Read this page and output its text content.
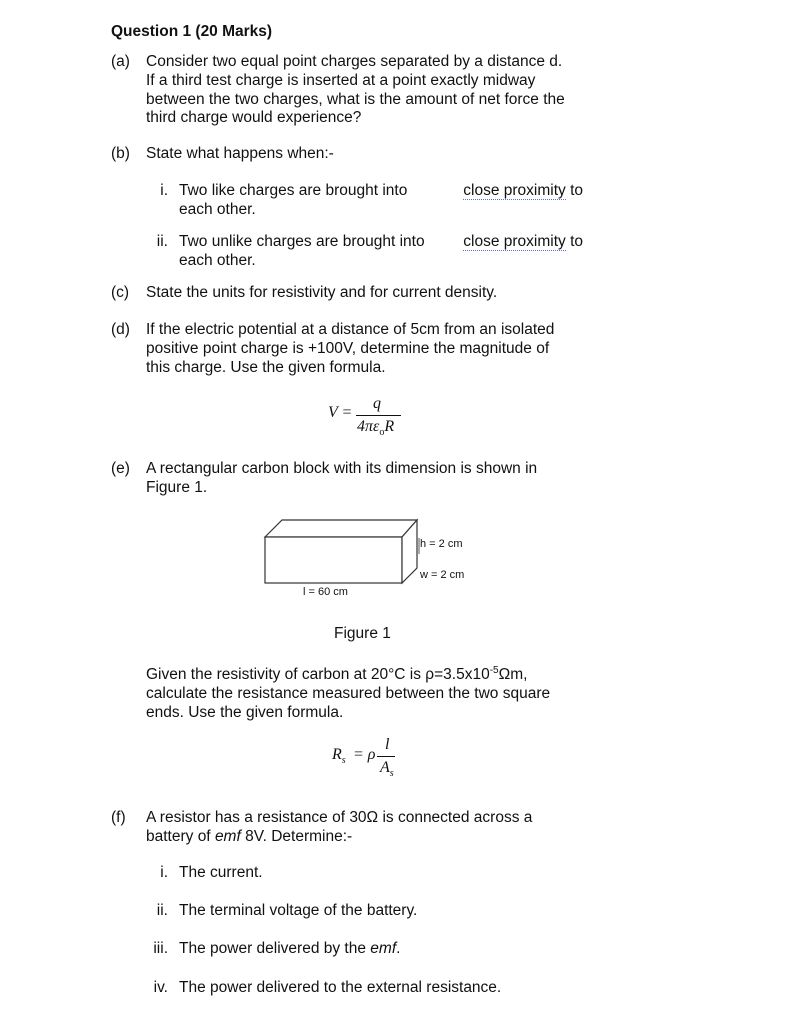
Question 1 (20 Marks)
(a) Consider two equal point charges separated by a distance d.
If a third test charge is inserted at a point exactly midway
between the two charges, what is the amount of net force the
third charge would experience?
(b) State what happens when:-
i. Two like charges are brought into	close proximity to
each other.
ii. Two unlike charges are brought into close proximity to
each other.
(c) State the units for resistivity and for current density.
(d) If the electric potential at a distance of 5cm from an isolated
positive point charge is +100V, determine the magnitude of
this charge. Use the given formula.
V =
q
$4\pi\varepsilon_oR$
(e) A rectangular carbon block with its dimension is shown in
Figure 1.
h = 2 cm
w = 2 cm
l = 60 cm
Figure 1
Given the resistivity of carbon at 20°C is $\rho=3.5x10^{-5}\Omega m$,
calculate the resistance measured between the two square
ends. Use the given formula.
$R_s = \rho$
l
$A_s$
(f) A resistor has a resistance of 30Ω is connected across a
battery of emf 8V. Determine:-
i. The current.
ii. The terminal voltage of the battery.
iii. The power delivered by the emf.
iv. The power delivered to the external resistance.
